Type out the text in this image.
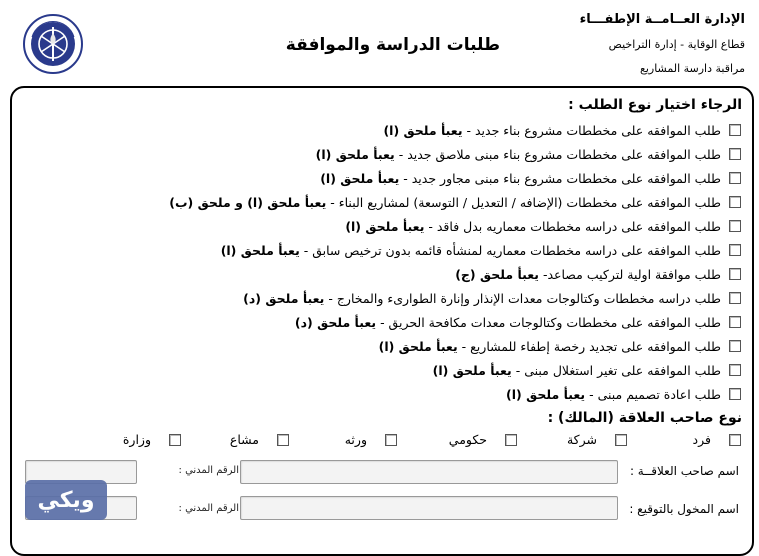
الإدارة العــامــة الإطفـــاء
قطاع الوقاية - إدارة التراخيص
مراقبة دارسة المشاريع
طلبات الدراسة والموافقة
الرجاء اختيار نوع الطلب :
طلب الموافقه على مخططات مشروع بناء جديد - يعبأ ملحق (ا)
طلب الموافقه على مخططات مشروع بناء مبنى ملاصق جديد - يعبأ ملحق (ا)
طلب الموافقه على مخططات مشروع بناء مبنى مجاور جديد - يعبأ ملحق (ا)
طلب الموافقه على مخططات (الإضافه / التعديل / التوسعة) لمشاريع البناء - يعبأ ملحق (ا) و ملحق (ب)
طلب الموافقه على دراسه مخططات معماريه بدل فاقد - يعبأ ملحق (ا)
طلب الموافقه على دراسه مخططات معماريه لمنشأه قائمه بدون ترخيص سابق - يعبأ ملحق (ا)
طلب موافقة اولية لتركيب مصاعد- يعبأ ملحق (ج)
طلب دراسه مخططات وكتالوجات معدات الإنذار وإنارة الطوارىء والمخارج - يعبأ ملحق (د)
طلب الموافقه على مخططات وكتالوجات معدات مكافحة الحريق - يعبأ ملحق (د)
طلب الموافقه على تجديد رخصة إطفاء للمشاريع - يعبأ ملحق (ا)
طلب الموافقه على تغير استغلال مبنى - يعبأ ملحق (ا)
طلب اعادة تصميم مبنى - يعبأ ملحق (ا)
نوع صاحب العلاقة (المالك) :
فرد
شركة
حكومي
ورثه
مشاع
وزارة
اسم صاحب العلاقــة :
الرقم المدني :
اسم المخول بالتوقيع :
الرقم المدني :
ويكي
